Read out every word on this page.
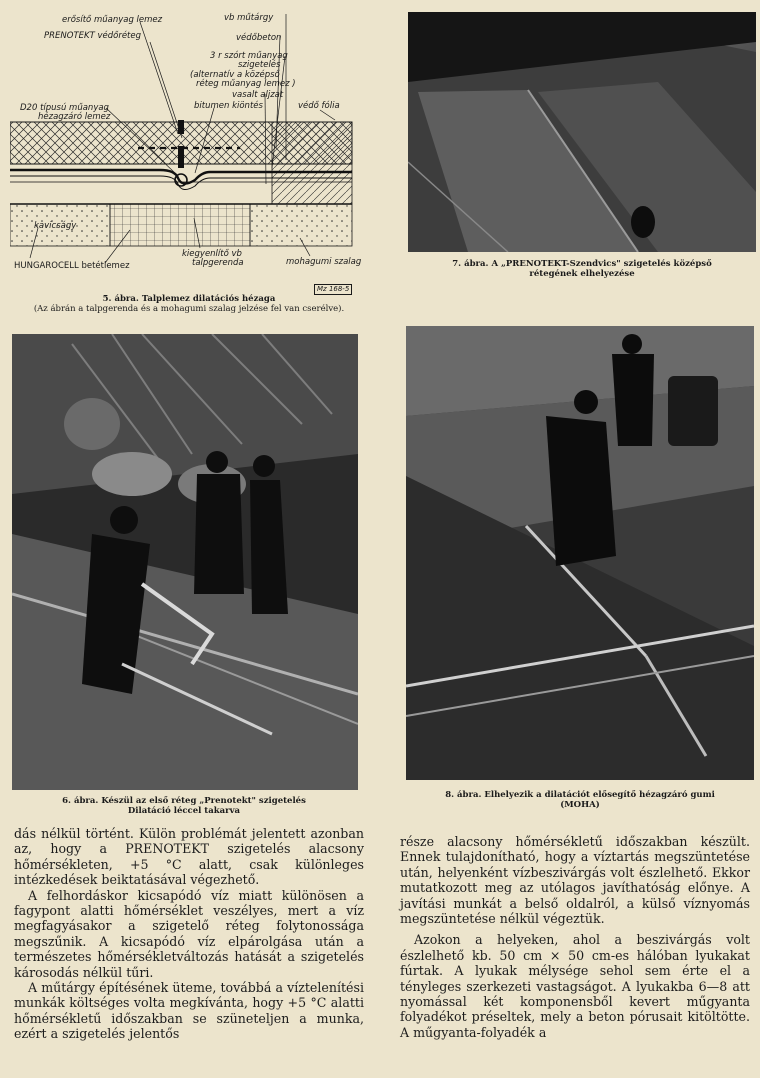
erősítő műanyag lemez
PRENOTEKT védőréteg
vb műtárgy
védőbeton
3 r szórt műanyag
szigetelés
(alternatív a középső
réteg műanyag lemez )
vasalt aljzat
bitumen kiöntés	védő fólia
D20 típusú műanyag
hézagzáró lemez
kavicságy
HUNGAROCELL betétlemez
kiegyenlítő vb
talpgerenda	mohagumi szalag
Mz 168-5
5. ábra. Talplemez dilatációs hézaga
(Az ábrán a talpgerenda és a mohagumi szalag jelzése fel van cserélve).
7. ábra. A „PRENOTEKT-Szendvics" szigetelés középső
rétegének elhelyezése
6. ábra. Készül az első réteg „Prenotekt" szigetelés
Dilatáció léccel takarva
8. ábra. Elhelyezik a dilatációt elősegítő hézagzáró gumi
(MOHA)

dás nélkül történt. Külön problémát jelentett azonban az, hogy a PRENOTEKT szigetelés alacsony hőmérsékleten, +5 °C alatt, csak különleges intézkedések beiktatásával végezhető.

A felhordáskor kicsapódó víz miatt különösen a fagypont alatti hőmérséklet veszélyes, mert a víz megfagyásakor a szigetelő réteg folytonossága megszűnik. A kicsapódó víz elpárolgása után a természetes hőmérsékletváltozás hatását a szigetelés károsodás nélkül tűri.

A műtárgy építésének üteme, továbbá a víztelenítési munkák költséges volta megkívánta, hogy +5 °C alatti hőmérsékletű időszakban se szüneteljen a munka, ezért a szigetelés jelentős

része alacsony hőmérsékletű időszakban készült. Ennek tulajdonítható, hogy a víztartás megszüntetése után, helyenként vízbeszivárgás volt észlelhető. Ekkor mutatkozott meg az utólagos javíthatóság előnye. A javítási munkát a belső oldalról, a külső víznyomás megszüntetése nélkül végeztük.

Azokon a helyeken, ahol a beszivárgás volt észlelhető kb. 50 cm × 50 cm-es hálóban lyukakat fúrtak. A lyukak mélysége sehol sem érte el a tényleges szerkezeti vastagságot. A lyukakba 6—8 att nyomással két komponensből kevert műgyanta folyadékot préseltek, mely a beton pórusait kitöltötte. A műgyanta-folyadék a
